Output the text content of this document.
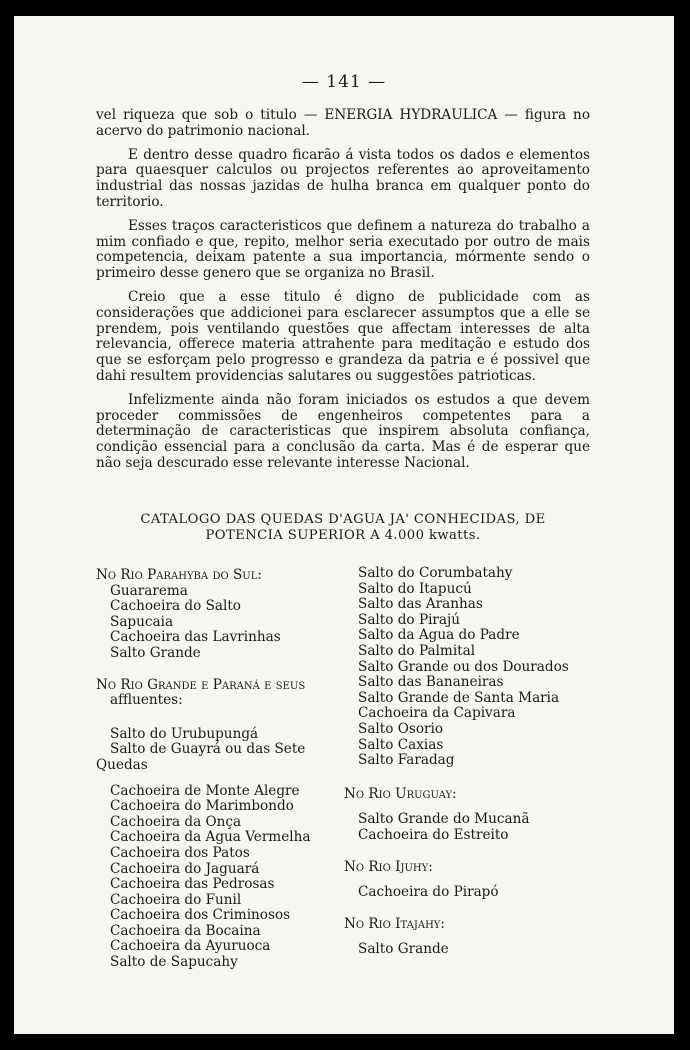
— 141 —

vel riqueza que sob o titulo — ENERGIA HYDRAULICA — figura no acervo do patrimonio nacional.

E dentro desse quadro ficarão á vista todos os dados e elementos para quaesquer calculos ou projectos referentes ao aproveitamento industrial das nossas jazidas de hulha branca em qualquer ponto do territorio.

Esses traços caracteristicos que definem a natureza do trabalho a mim confiado e que, repito, melhor seria executado por outro de mais competencia, deixam patente a sua importancia, mórmente sendo o primeiro desse genero que se organiza no Brasil.

Creio que a esse titulo é digno de publicidade com as considerações que addicionei para esclarecer assumptos que a elle se prendem, pois ventilando questões que affectam interesses de alta relevancia, offerece materia attrahente para meditação e estudo dos que se esforçam pelo progresso e grandeza da patria e é possivel que dahi resultem providencias salutares ou suggestões patrioticas.

Infelizmente ainda não foram iniciados os estudos a que devem proceder commissões de engenheiros competentes para a determinação de caracteristicas que inspirem absoluta confiança, condição essencial para a conclusão da carta. Mas é de esperar que não seja descurado esse relevante interesse Nacional.

CATALOGO DAS QUEDAS D'AGUA JA' CONHECIDAS, DE
POTENCIA SUPERIOR A 4.000 kwatts.

No Rio Parahyba do Sul:

Guararema

Cachoeira do Salto

Sapucaia

Cachoeira das Lavrinhas

Salto Grande

No Rio Grande e Paraná e seus

affluentes:

Salto do Urubupungá

Salto de Guayrá ou das Sete

Quedas

Cachoeira de Monte Alegre

Cachoeira do Marimbondo

Cachoeira da Onça

Cachoeira da Agua Vermelha

Cachoeira dos Patos

Cachoeira do Jaguará

Cachoeira das Pedrosas

Cachoeira do Funil

Cachoeira dos Criminosos

Cachoeira da Bocaina

Cachoeira da Ayuruoca

Salto de Sapucahy

Salto do Corumbatahy

Salto do Itapucú

Salto das Aranhas

Salto do Pirajú

Salto da Agua do Padre

Salto do Palmital

Salto Grande ou dos Dourados

Salto das Bananeiras

Salto Grande de Santa Maria

Cachoeira da Capivara

Salto Osorio

Salto Caxias

Salto Faradag

No Rio Uruguay:

Salto Grande do Mucanã

Cachoeira do Estreito

No Rio Ijuhy:

Cachoeira do Pirapó

No Rio Itajahy:

Salto Grande
